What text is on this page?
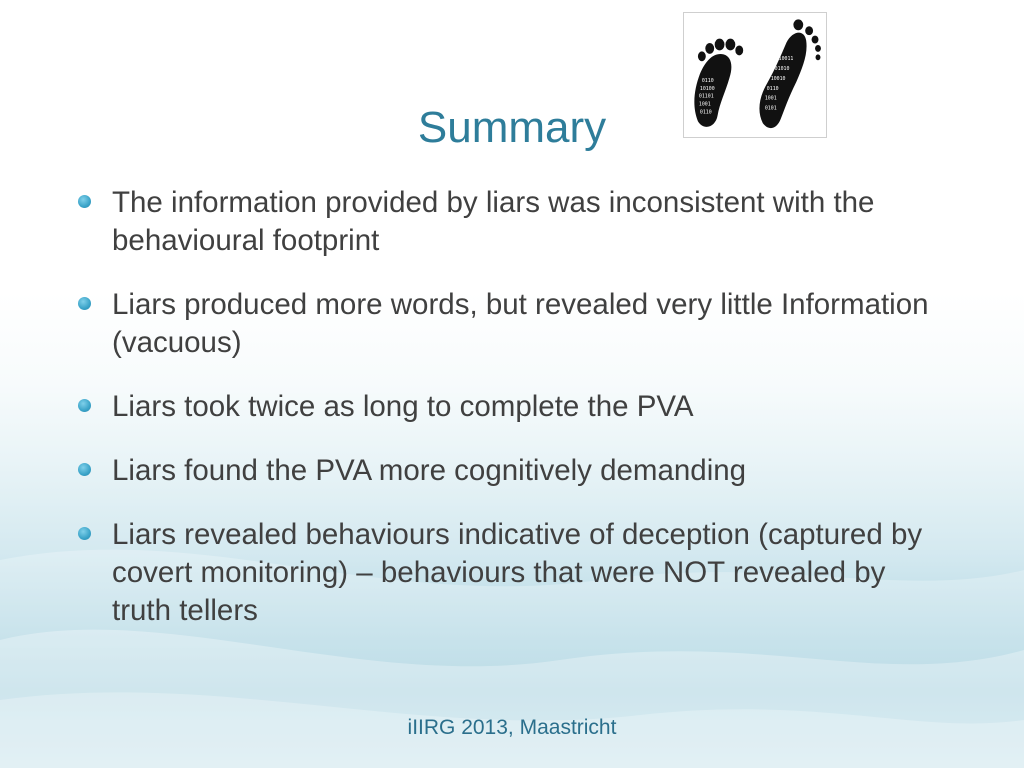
0110
10100
01101
1001
0110
10011
01010
10010
0110
1001
0101
Summary
The information provided by liars was inconsistent with the behavioural footprint
Liars produced more words, but revealed very little Information (vacuous)
Liars took twice as long to complete the PVA
Liars found the PVA more cognitively demanding
Liars revealed behaviours indicative of deception (captured by covert monitoring) – behaviours that were NOT revealed by truth tellers
iIIRG 2013, Maastricht
